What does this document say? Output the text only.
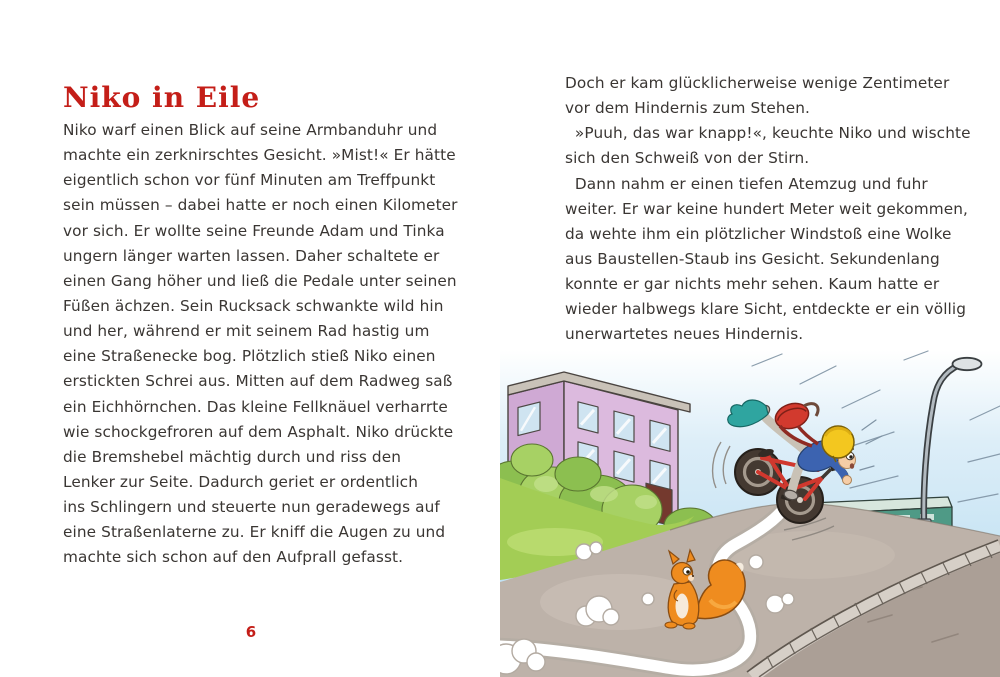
Niko in Eile
Niko warf einen Blick auf seine Armbanduhr und
machte ein zerknirschtes Gesicht. »Mist!« Er hätte
eigentlich schon vor fünf Minuten am Treffpunkt
sein müssen – dabei hatte er noch einen Kilometer
vor sich. Er wollte seine Freunde Adam und Tinka
ungern länger warten lassen. Daher schaltete er
einen Gang höher und ließ die Pedale unter seinen
Füßen ächzen. Sein Rucksack schwankte wild hin
und her, während er mit seinem Rad hastig um
eine Straßenecke bog. Plötzlich stieß Niko einen
erstickten Schrei aus. Mitten auf dem Radweg saß
ein Eichhörnchen. Das kleine Fellknäuel verharrte
wie schockgefroren auf dem Asphalt. Niko drückte
die Bremshebel mächtig durch und riss den
Lenker zur Seite. Dadurch geriet er ordentlich
ins Schlingern und steuerte nun geradewegs auf
eine Straßenlaterne zu. Er kniff die Augen zu und
machte sich schon auf den Aufprall gefasst.
6
Doch er kam glücklicherweise wenige Zentimeter
vor dem Hindernis zum Stehen.
»Puuh, das war knapp!«, keuchte Niko und wischte
sich den Schweiß von der Stirn.
Dann nahm er einen tiefen Atemzug und fuhr
weiter. Er war keine hundert Meter weit gekommen,
da wehte ihm ein plötzlicher Windstoß eine Wolke
aus Baustellen-Staub ins Gesicht. Sekundenlang
konnte er gar nichts mehr sehen. Kaum hatte er
wieder halbwegs klare Sicht, entdeckte er ein völlig
unerwartetes neues Hindernis.
